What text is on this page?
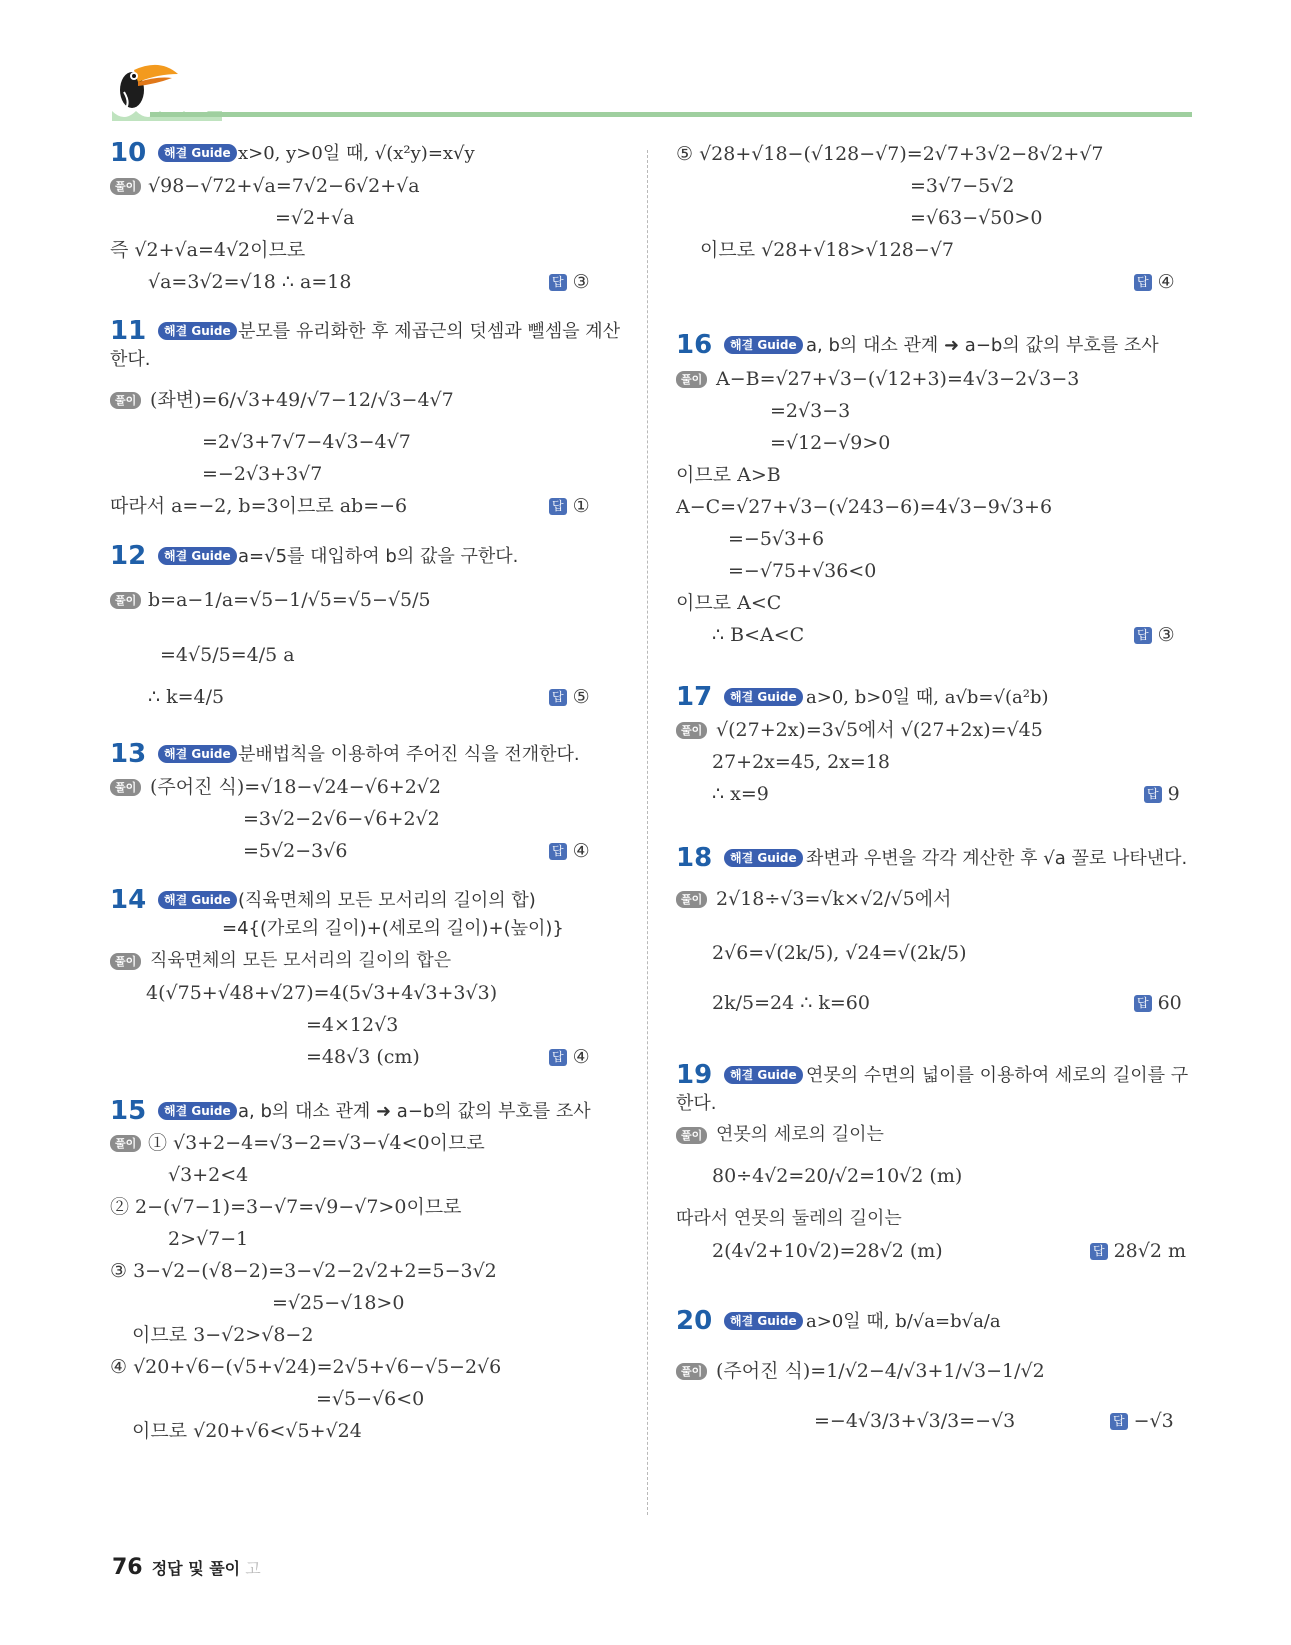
10	해결 Guide x>0, y>0일 때, √(x²y)=x√y
풀이 √98−√72+√a=7√2−6√2+√a
=√2+√a
즉 √2+√a=4√2이므로
√a=3√2=√18 ∴ a=18	답 ③
11	해결 Guide 분모를 유리화한 후 제곱근의 덧셈과 뺄셈을 계산
한다.
풀이 (좌변)=6/√3+49/√7−12/√3−4√7
=2√3+7√7−4√3−4√7
=−2√3+3√7
따라서 a=−2, b=3이므로 ab=−6	답 ①
12	해결 Guide a=√5를 대입하여 b의 값을 구한다.
풀이 b=a−1/a=√5−1/√5=√5−√5/5
=4√5/5=4/5 a
∴ k=4/5	답 ⑤
13	해결 Guide 분배법칙을 이용하여 주어진 식을 전개한다.
풀이 (주어진 식)=√18−√24−√6+2√2
=3√2−2√6−√6+2√2
=5√2−3√6	답 ④
14	해결 Guide (직육면체의 모든 모서리의 길이의 합)
=4{(가로의 길이)+(세로의 길이)+(높이)}
풀이 직육면체의 모든 모서리의 길이의 합은
4(√75+√48+√27)=4(5√3+4√3+3√3)
=4×12√3
=48√3 (cm)	답 ④
15	해결 Guide a, b의 대소 관계 ➜ a−b의 값의 부호를 조사
풀이 ① √3+2−4=√3−2=√3−√4<0이므로
√3+2<4
② 2−(√7−1)=3−√7=√9−√7>0이므로
2>√7−1
③ 3−√2−(√8−2)=3−√2−2√2+2=5−3√2
=√25−√18>0
이므로 3−√2>√8−2
④ √20+√6−(√5+√24)=2√5+√6−√5−2√6
=√5−√6<0
이므로 √20+√6<√5+√24
⑤ √28+√18−(√128−√7)=2√7+3√2−8√2+√7
=3√7−5√2
=√63−√50>0
이므로 √28+√18>√128−√7
답 ④
16	해결 Guide a, b의 대소 관계 ➜ a−b의 값의 부호를 조사
풀이 A−B=√27+√3−(√12+3)=4√3−2√3−3
=2√3−3
=√12−√9>0
이므로 A>B
A−C=√27+√3−(√243−6)=4√3−9√3+6
=−5√3+6
=−√75+√36<0
이므로 A<C
∴ B<A<C	답 ③
17	해결 Guide a>0, b>0일 때, a√b=√(a²b)
풀이 √(27+2x)=3√5에서 √(27+2x)=√45
27+2x=45, 2x=18
∴ x=9	답 9
18	해결 Guide 좌변과 우변을 각각 계산한 후 √a 꼴로 나타낸다.
풀이 2√18÷√3=√k×√2/√5에서
2√6=√(2k/5), √24=√(2k/5)
2k/5=24 ∴ k=60	답 60
19	해결 Guide 연못의 수면의 넓이를 이용하여 세로의 길이를 구
한다.
풀이 연못의 세로의 길이는
80÷4√2=20/√2=10√2 (m)
따라서 연못의 둘레의 길이는
2(4√2+10√2)=28√2 (m)	답 28√2 m
20	해결 Guide a>0일 때, b/√a=b√a/a
풀이 (주어진 식)=1/√2−4/√3+1/√3−1/√2
=−4√3/3+√3/3=−√3	답 −√3
76 정답 및 풀이 고
